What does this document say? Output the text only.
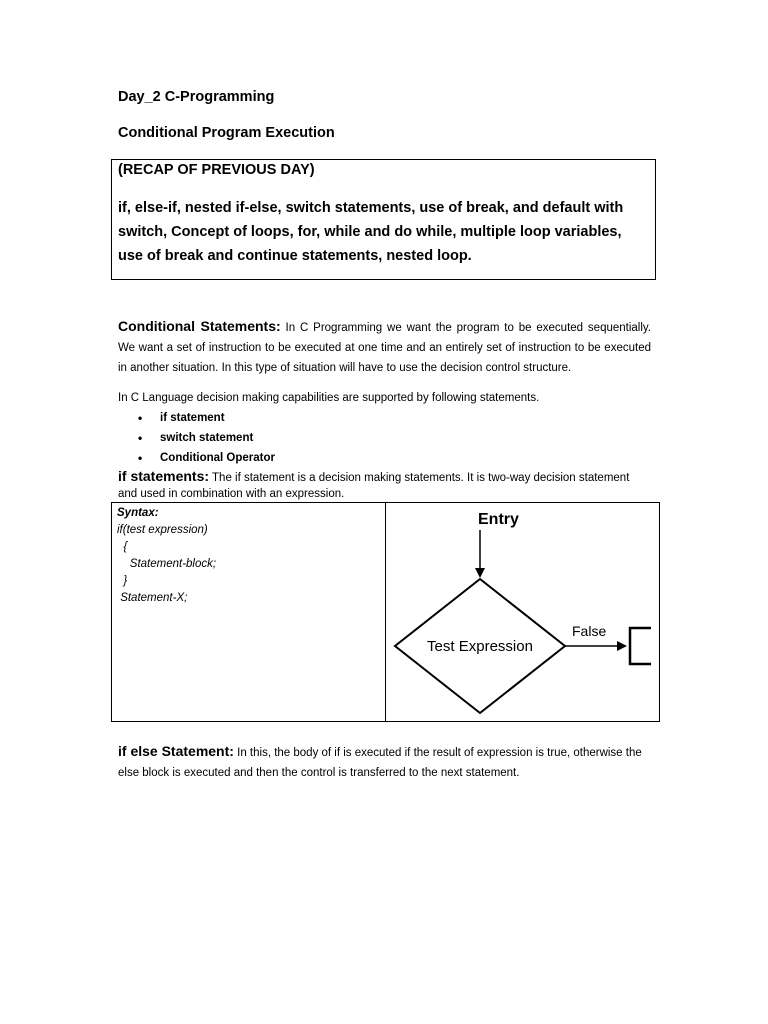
Day_2 C-Programming
Conditional Program Execution
(RECAP OF PREVIOUS DAY)
if, else-if, nested if-else, switch statements, use of break, and default with switch, Concept of loops, for, while and do while, multiple loop variables, use of break and continue statements, nested loop.
Conditional Statements: In C Programming we want the program to be executed sequentially. We want a set of instruction to be executed at one time and an entirely set of instruction to be executed in another situation. In this type of situation will have to use the decision control structure.
In C Language decision making capabilities are supported by following statements.
• if statement
• switch statement
• Conditional Operator
if statements: The if statement is a decision making statements. It is two-way decision statement and used in combination with an expression.
Syntax:
if(test expression)
{
Statement-block;
}
Statement-X;
Entry
Test Expression
False
if else Statement: In this, the body of if is executed if the result of expression is true, otherwise the else block is executed and then the control is transferred to the next statement.
